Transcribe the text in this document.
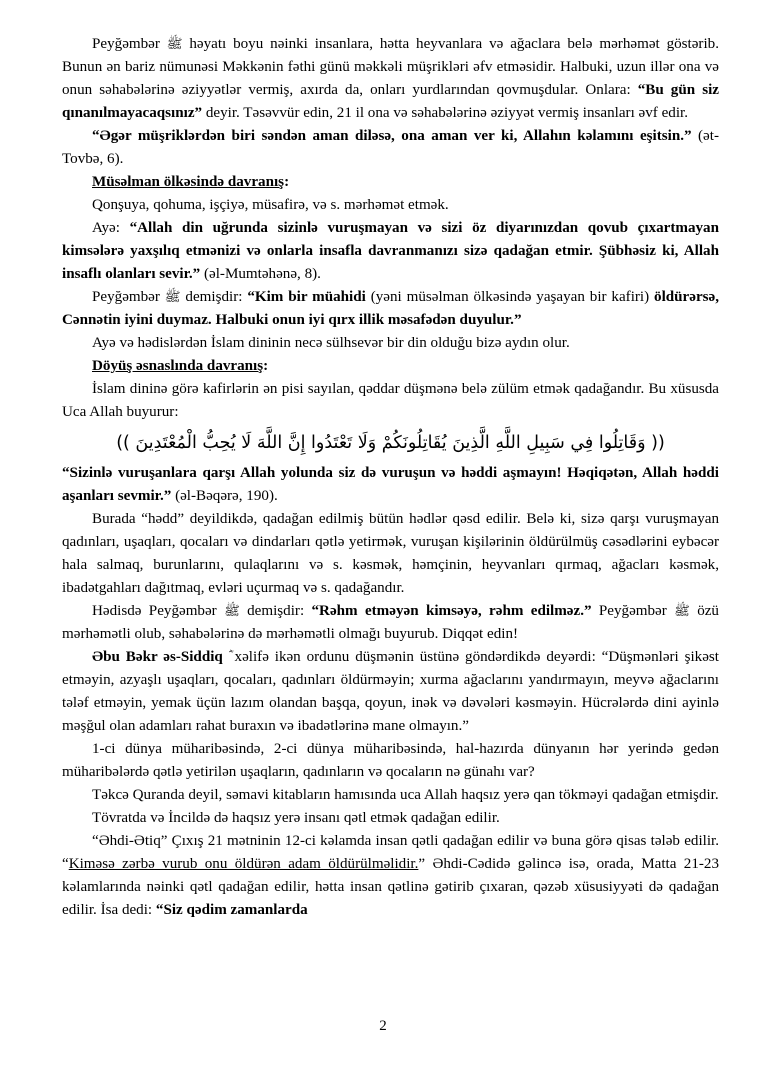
Peyğəmbər ﷺ həyatı boyu nəinki insanlara, hətta heyvanlara və ağaclara belə mərhəmət göstərib. Bunun ən bariz nümunəsi Məkkənin fəthi günü məkkəli müşrikləri əfv etməsidir. Halbuki, uzun illər ona və onun səhabələrinə əziyyətlər vermiş, axırda da, onları yurdlarından qovmuşdular. Onlara: “Bu gün siz qınanılmayacaqsınız” deyir. Təsəvvür edin, 21 il ona və səhabələrinə əziyyət vermiş insanları əvf edir.

“Əgər müşriklərdən biri səndən aman diləsə, ona aman ver ki, Allahın kəlamını eşitsin.” (ət-Tovbə, 6).

Müsəlman ölkəsində davranış:

Qonşuya, qohuma, işçiyə, müsafirə, və s. mərhəmət etmək.

Ayə: “Allah din uğrunda sizinlə vuruşmayan və sizi öz diyarınızdan qovub çıxartmayan kimsələrə yaxşılıq etmənizi və onlarla insafla davranmanızı sizə qadağan etmir. Şübhəsiz ki, Allah insaflı olanları sevir.” (əl-Mumtəhənə, 8).

Peyğəmbər ﷺ demişdir: “Kim bir müahidi (yəni müsəlman ölkəsində yaşayan bir kafiri) öldürərsə, Cənnətin iyini duymaz. Halbuki onun iyi qırx illik məsafədən duyulur.”

Ayə və hədislərdən İslam dininin necə sülhsevər bir din olduğu bizə aydın olur.

Döyüş əsnaslında davranış:

İslam dininə görə kafirlərin ən pisi sayılan, qəddar düşmənə belə zülüm etmək qadağandır. Bu xüsusda Uca Allah buyurur:

(( وَقَاتِلُوا فِي سَبِيلِ اللَّهِ الَّذِينَ يُقَاتِلُونَكُمْ وَلَا تَعْتَدُوا إِنَّ اللَّهَ لَا يُحِبُّ الْمُعْتَدِينَ ))

“Sizinlə vuruşanlara qarşı Allah yolunda siz də vuruşun və həddi aşmayın! Həqiqətən, Allah həddi aşanları sevmir.” (əl-Bəqərə, 190).

Burada “hədd” deyildikdə, qadağan edilmiş bütün hədlər qəsd edilir. Belə ki, sizə qarşı vuruşmayan qadınları, uşaqları, qocaları və dindarları qətlə yetirmək, vuruşan kişilərinin öldürülmüş cəsədlərini eybəcər hala salmaq, burunlarını, qulaqlarını və s. kəsmək, həmçinin, heyvanları qırmaq, ağacları kəsmək, ibadətgahları dağıtmaq, evləri uçurmaq və s. qadağandır.

Hədisdə Peyğəmbər ﷺ demişdir: “Rəhm etməyən kimsəyə, rəhm edilməz.” Peyğəmbər ﷺ özü mərhəmətli olub, səhabələrinə də mərhəmətli olmağı buyurub. Diqqət edin!

Əbu Bəkr əs-Siddiq xəlifə ikən ordunu düşmənin üstünə göndərdikdə deyərdi: “Düşmənləri şikəst etməyin, azyaşlı uşaqları, qocaları, qadınları öldürməyin; xurma ağaclarını yandırmayın, meyvə ağaclarını tələf etməyin, yemak üçün lazım olandan başqa, qoyun, inək və dəvələri kəsməyin. Hücrələrdə dini ayinlə məşğul olan adamları rahat buraxın və ibadətlərinə mane olmayın.”

1-ci dünya müharibəsində, 2-ci dünya müharibəsində, hal-hazırda dünyanın hər yerində gedən müharibələrdə qətlə yetirilən uşaqların, qadınların və qocaların nə günahı var?

Təkcə Quranda deyil, səmavi kitabların hamısında uca Allah haqsız yerə qan tökməyi qadağan etmişdir.

Tövratda və İncildə də haqsız yerə insanı qətl etmək qadağan edilir.

“Əhdi-Ətiq” Çıxış 21 mətninin 12-ci kəlamda insan qətli qadağan edilir və buna görə qisas tələb edilir. “Kiməsə zərbə vurub onu öldürən adam öldürülməlidir.” Əhdi-Cədidə gəlincə isə, orada, Matta 21-23 kəlamlarında nəinki qətl qadağan edilir, hətta insan qətlinə gətirib çıxaran, qəzəb xüsusiyyəti də qadağan edilir. İsa dedi: “Siz qədim zamanlarda

2
